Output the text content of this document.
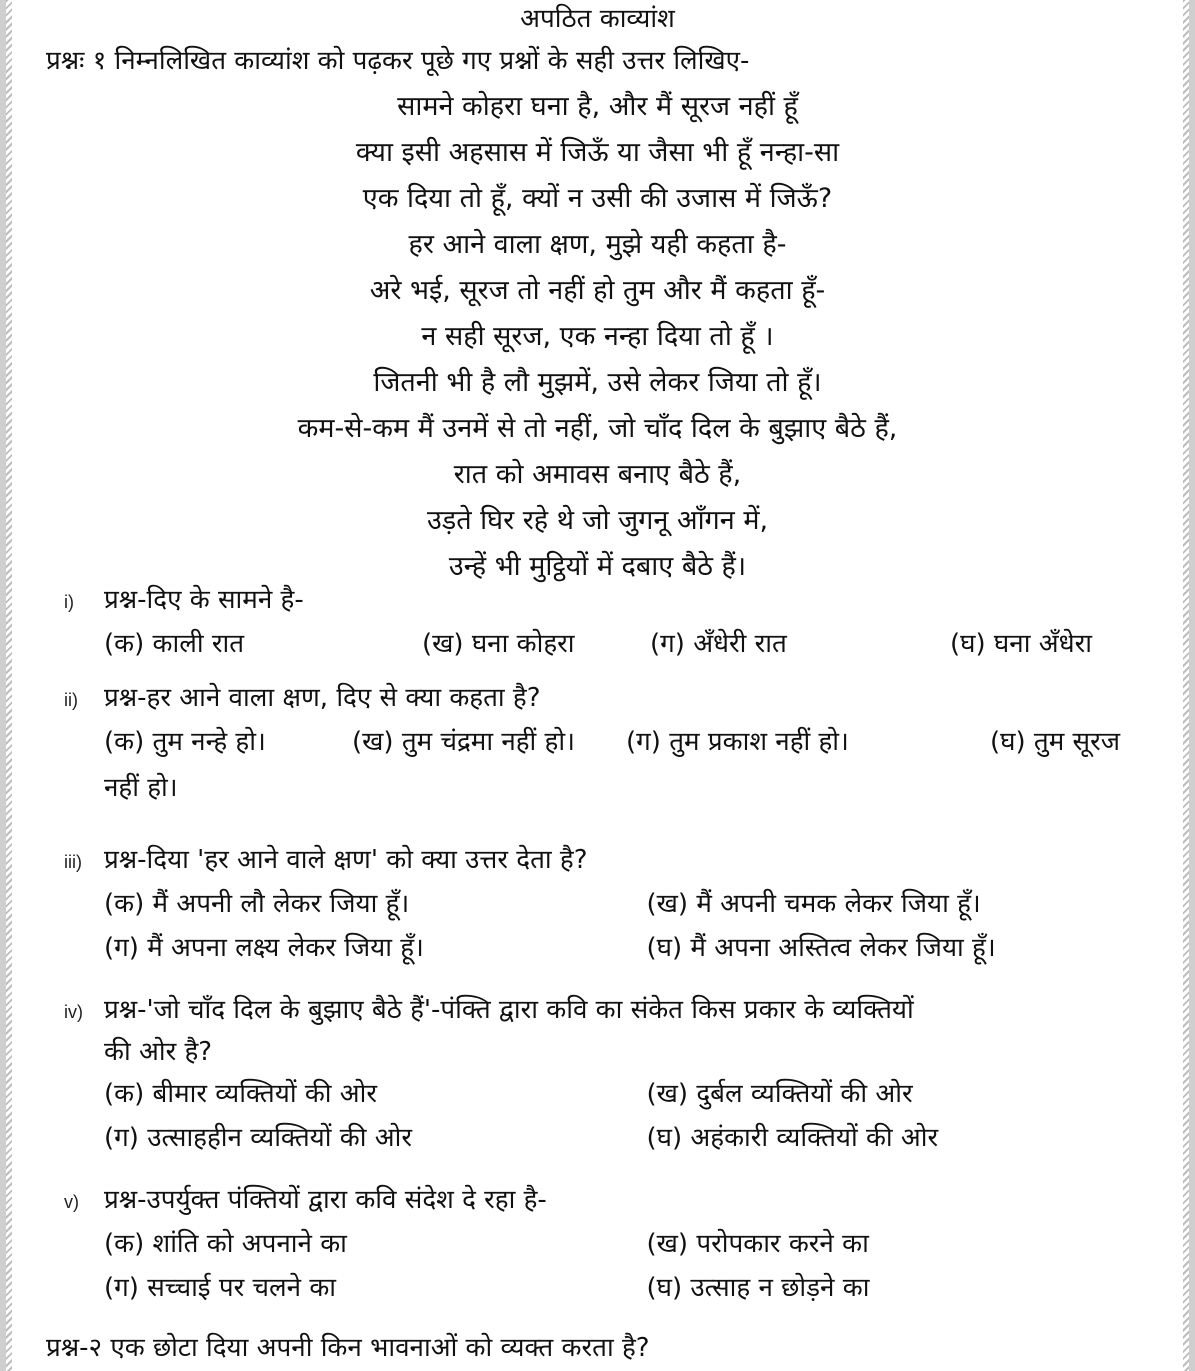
अपठित काव्यांश
प्रश्नः १ निम्नलिखित काव्यांश को पढ़कर पूछे गए प्रश्नों के सही उत्तर लिखिए-
सामने कोहरा घना है, और मैं सूरज नहीं हूँ
क्या इसी अहसास में जिऊँ या जैसा भी हूँ नन्हा-सा
एक दिया तो हूँ, क्यों न उसी की उजास में जिऊँ?
हर आने वाला क्षण, मुझे यही कहता है-
अरे भई, सूरज तो नहीं हो तुम और मैं कहता हूँ-
न सही सूरज, एक नन्हा दिया तो हूँ ।
जितनी भी है लौ मुझमें, उसे लेकर जिया तो हूँ।
कम-से-कम मैं उनमें से तो नहीं, जो चाँद दिल के बुझाए बैठे हैं,
रात को अमावस बनाए बैठे हैं,
उड़ते घिर रहे थे जो जुगनू आँगन में,
उन्हें भी मुट्ठियों में दबाए बैठे हैं।
i)	प्रश्न-दिए के सामने है-
(क) काली रात	(ख) घना कोहरा	(ग) अँधेरी रात	(घ) घना अँधेरा
ii)	प्रश्न-हर आने वाला क्षण, दिए से क्या कहता है?
(क) तुम नन्हे हो।	(ख) तुम चंद्रमा नहीं हो। (ग) तुम प्रकाश नहीं हो।	(घ) तुम सूरज
नहीं हो।
iii) प्रश्न-दिया 'हर आने वाले क्षण' को क्या उत्तर देता है?
(क) मैं अपनी लौ लेकर जिया हूँ।	(ख) मैं अपनी चमक लेकर जिया हूँ।
(ग) मैं अपना लक्ष्य लेकर जिया हूँ।	(घ) मैं अपना अस्तित्व लेकर जिया हूँ।
iv) प्रश्न-'जो चाँद दिल के बुझाए बैठे हैं'-पंक्ति द्वारा कवि का संकेत किस प्रकार के व्यक्तियों
की ओर है?
(क) बीमार व्यक्तियों की ओर	(ख) दुर्बल व्यक्तियों की ओर
(ग) उत्साहहीन व्यक्तियों की ओर	(घ) अहंकारी व्यक्तियों की ओर
v) प्रश्न-उपर्युक्त पंक्तियों द्वारा कवि संदेश दे रहा है-
(क) शांति को अपनाने का	(ख) परोपकार करने का
(ग) सच्चाई पर चलने का	(घ) उत्साह न छोड़ने का
प्रश्न-२ एक छोटा दिया अपनी किन भावनाओं को व्यक्त करता है?
